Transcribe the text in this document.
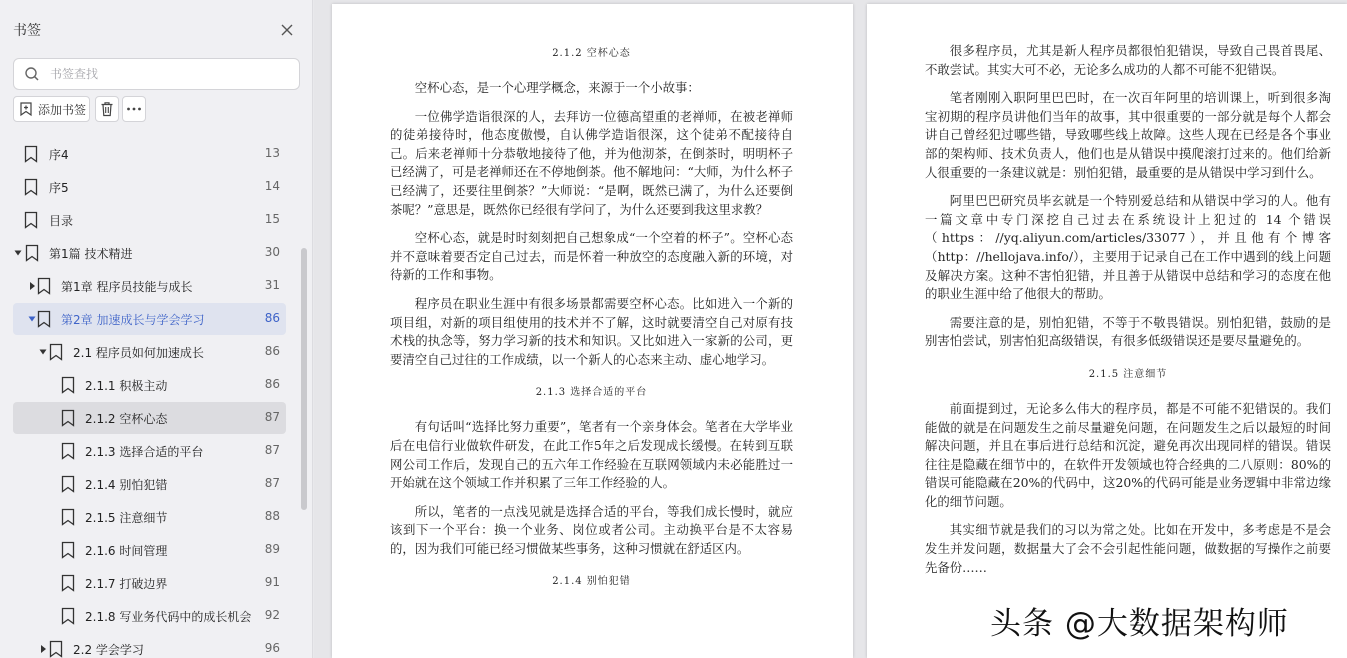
书签
书签查找
添加书签
序4	13
序5	14
目录	15
第1篇 技术精进	30
第1章 程序员技能与成长	31
第2章 加速成长与学会学习	86
2.1 程序员如何加速成长	86
2.1.1 积极主动	86
2.1.2 空杯心态	87
2.1.3 选择合适的平台	87
2.1.4 别怕犯错	87
2.1.5 注意细节	88
2.1.6 时间管理	89
2.1.7 打破边界	91
2.1.8 写业务代码中的成长机会 92
2.2 学会学习	96
2.1.2 空杯心态

空杯心态，是一个心理学概念，来源于一个小故事：

一位佛学造诣很深的人，去拜访一位德高望重的老禅师，在被老禅师的徒弟接待时，他态度傲慢，自认佛学造诣很深，这个徒弟不配接待自己。后来老禅师十分恭敬地接待了他，并为他沏茶，在倒茶时，明明杯子已经满了，可是老禅师还在不停地倒茶。他不解地问：“大师，为什么杯子已经满了，还要往里倒茶？”大师说：“是啊，既然已满了，为什么还要倒茶呢？”意思是，既然你已经很有学问了，为什么还要到我这里求教？

空杯心态，就是时时刻刻把自己想象成“一个空着的杯子”。空杯心态并不意味着要否定自己过去，而是怀着一种放空的态度融入新的环境，对待新的工作和事物。

程序员在职业生涯中有很多场景都需要空杯心态。比如进入一个新的项目组，对新的项目组使用的技术并不了解，这时就要清空自己对原有技术栈的执念等，努力学习新的技术和知识。又比如进入一家新的公司，更要清空自己过往的工作成绩，以一个新人的心态来主动、虚心地学习。

2.1.3 选择合适的平台

有句话叫“选择比努力重要”，笔者有一个亲身体会。笔者在大学毕业后在电信行业做软件研发，在此工作5年之后发现成长缓慢。在转到互联网公司工作后，发现自己的五六年工作经验在互联网领域内未必能胜过一开始就在这个领域工作并积累了三年工作经验的人。

所以，笔者的一点浅见就是选择合适的平台，等我们成长慢时，就应该到下一个平台：换一个业务、岗位或者公司。主动换平台是不太容易的，因为我们可能已经习惯做某些事务，这种习惯就在舒适区内。

2.1.4 别怕犯错

很多程序员，尤其是新人程序员都很怕犯错误，导致自己畏首畏尾、不敢尝试。其实大可不必，无论多么成功的人都不可能不犯错误。

笔者刚刚入职阿里巴巴时，在一次百年阿里的培训课上，听到很多淘宝初期的程序员讲他们当年的故事，其中很重要的一部分就是每个人都会讲自己曾经犯过哪些错，导致哪些线上故障。这些人现在已经是各个事业部的架构师、技术负责人，他们也是从错误中摸爬滚打过来的。他们给新人很重要的一条建议就是：别怕犯错，最重要的是从错误中学习到什么。

阿里巴巴研究员毕玄就是一个特别爱总结和从错误中学习的人。他有一篇文章中专门深挖自己过去在系统设计上犯过的 14 个错误（https：//yq.aliyun.com/articles/33077），并且他有个博客（http：//hellojava.info/），主要用于记录自己在工作中遇到的线上问题及解决方案。这种不害怕犯错，并且善于从错误中总结和学习的态度在他的职业生涯中给了他很大的帮助。

需要注意的是，别怕犯错，不等于不敬畏错误。别怕犯错，鼓励的是别害怕尝试，别害怕犯高级错误，有很多低级错误还是要尽量避免的。

2.1.5 注意细节

前面提到过，无论多么伟大的程序员，都是不可能不犯错误的。我们能做的就是在问题发生之前尽量避免问题，在问题发生之后以最短的时间解决问题，并且在事后进行总结和沉淀，避免再次出现同样的错误。错误往往是隐藏在细节中的，在软件开发领域也符合经典的二八原则：80%的错误可能隐藏在20%的代码中，这20%的代码可能是业务逻辑中非常边缘化的细节问题。

其实细节就是我们的习以为常之处。比如在开发中，多考虑是不是会发生并发问题，数据量大了会不会引起性能问题，做数据的写操作之前要先备份……

头条 @大数据架构师
